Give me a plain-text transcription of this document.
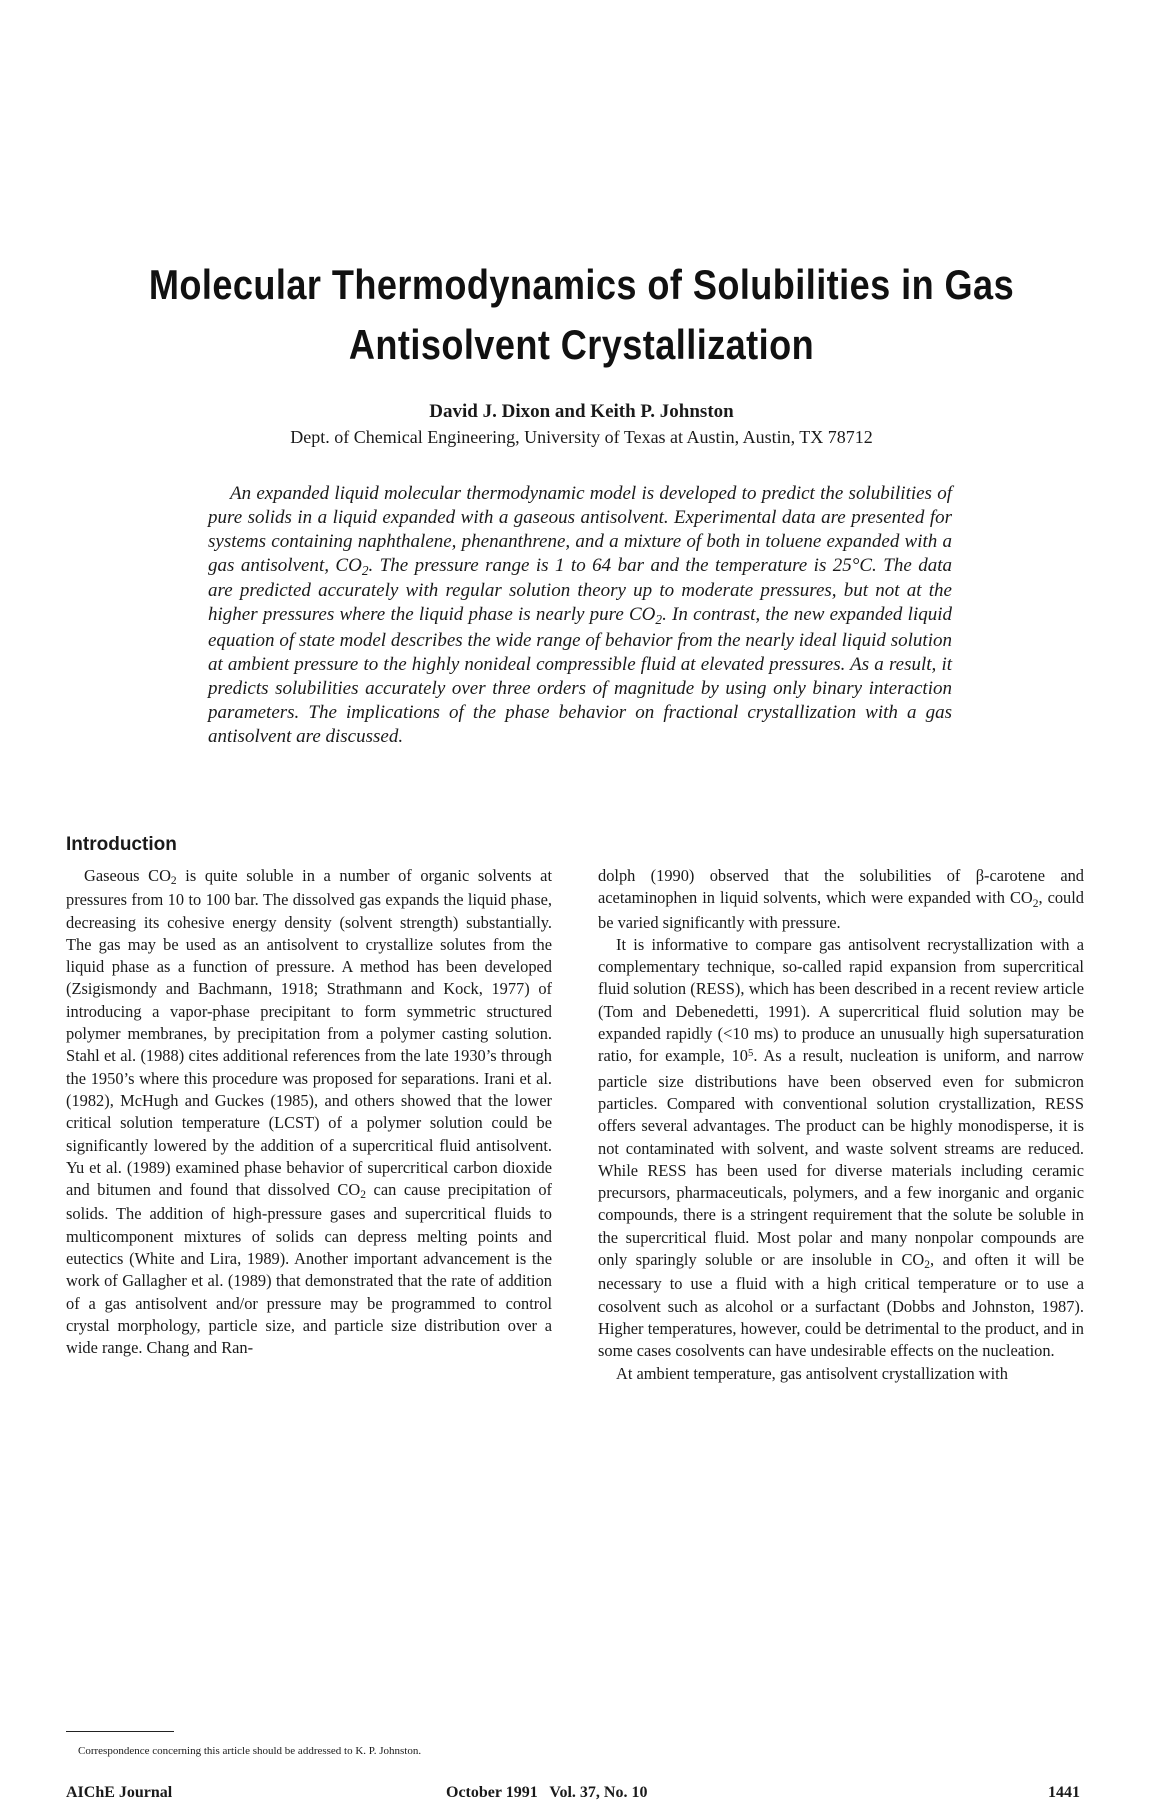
Molecular Thermodynamics of Solubilities in Gas
Antisolvent Crystallization
David J. Dixon and Keith P. Johnston
Dept. of Chemical Engineering, University of Texas at Austin, Austin, TX 78712

An expanded liquid molecular thermodynamic model is developed to predict the solubilities of pure solids in a liquid expanded with a gaseous antisolvent. Experimental data are presented for systems containing naphthalene, phenanthrene, and a mixture of both in toluene expanded with a gas antisolvent, $CO_2$. The pressure range is 1 to 64 bar and the temperature is 25°C. The data are predicted accurately with regular solution theory up to moderate pressures, but not at the higher pressures where the liquid phase is nearly pure $CO_2$. In contrast, the new expanded liquid equation of state model describes the wide range of behavior from the nearly ideal liquid solution at ambient pressure to the highly nonideal compressible fluid at elevated pressures. As a result, it predicts solubilities accurately over three orders of magnitude by using only binary interaction parameters. The implications of the phase behavior on fractional crystallization with a gas antisolvent are discussed.

Introduction

Gaseous $CO_2$ is quite soluble in a number of organic solvents at pressures from 10 to 100 bar. The dissolved gas expands the liquid phase, decreasing its cohesive energy density (solvent strength) substantially. The gas may be used as an antisolvent to crystallize solutes from the liquid phase as a function of pressure. A method has been developed (Zsigismondy and Bachmann, 1918; Strathmann and Kock, 1977) of introducing a vapor-phase precipitant to form symmetric structured polymer membranes, by precipitation from a polymer casting solution. Stahl et al. (1988) cites additional references from the late 1930’s through the 1950’s where this procedure was proposed for separations. Irani et al. (1982), McHugh and Guckes (1985), and others showed that the lower critical solution temperature (LCST) of a polymer solution could be significantly lowered by the addition of a supercritical fluid antisolvent. Yu et al. (1989) examined phase behavior of supercritical carbon dioxide and bitumen and found that dissolved $CO_2$ can cause precipitation of solids. The addition of high-pressure gases and supercritical fluids to multicomponent mixtures of solids can depress melting points and eutectics (White and Lira, 1989). Another important advancement is the work of Gallagher et al. (1989) that demonstrated that the rate of addition of a gas antisolvent and/or pressure may be programmed to control crystal morphology, particle size, and particle size distribution over a wide range. Chang and Ran-

dolph (1990) observed that the solubilities of β-carotene and acetaminophen in liquid solvents, which were expanded with $CO_2$, could be varied significantly with pressure.

It is informative to compare gas antisolvent recrystallization with a complementary technique, so-called rapid expansion from supercritical fluid solution (RESS), which has been described in a recent review article (Tom and Debenedetti, 1991). A supercritical fluid solution may be expanded rapidly (<10 ms) to produce an unusually high supersaturation ratio, for example, $10^5$. As a result, nucleation is uniform, and narrow particle size distributions have been observed even for submicron particles. Compared with conventional solution crystallization, RESS offers several advantages. The product can be highly monodisperse, it is not contaminated with solvent, and waste solvent streams are reduced. While RESS has been used for diverse materials including ceramic precursors, pharmaceuticals, polymers, and a few inorganic and organic compounds, there is a stringent requirement that the solute be soluble in the supercritical fluid. Most polar and many nonpolar compounds are only sparingly soluble or are insoluble in $CO_2$, and often it will be necessary to use a fluid with a high critical temperature or to use a cosolvent such as alcohol or a surfactant (Dobbs and Johnston, 1987). Higher temperatures, however, could be detrimental to the product, and in some cases cosolvents can have undesirable effects on the nucleation.

At ambient temperature, gas antisolvent crystallization with

Correspondence concerning this article should be addressed to K. P. Johnston.
AIChE Journal	October 1991   Vol. 37, No. 10	1441
